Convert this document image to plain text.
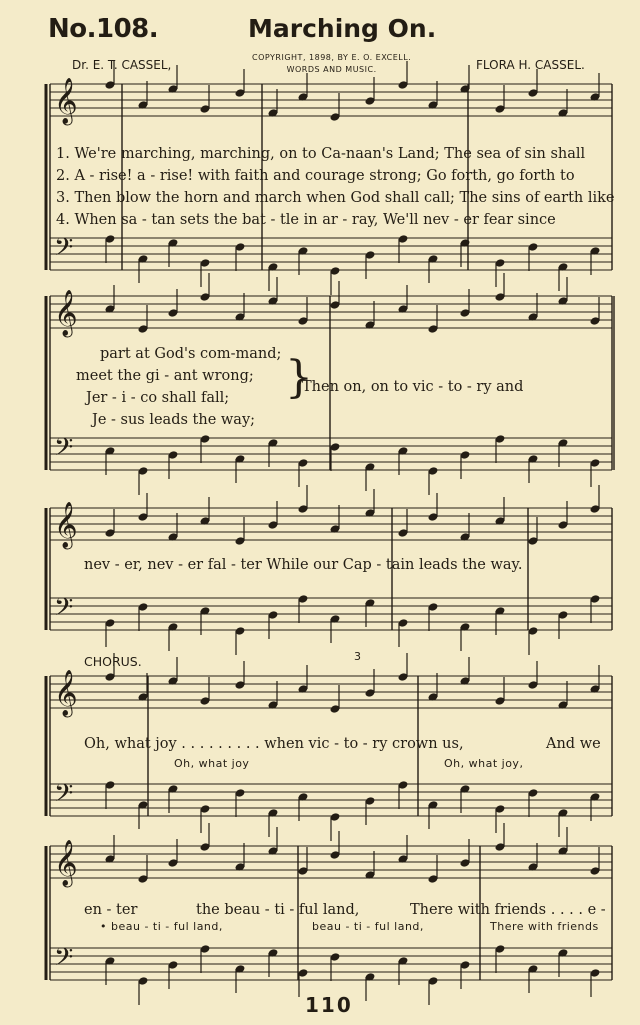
𝄞
𝄢
𝄞
𝄢
𝄞
𝄢
𝄞
𝄢
𝄞
𝄢
No.108.	Marching On.
COPYRIGHT, 1898, BY E. O. EXCELL.
WORDS AND MUSIC.
Dr. E. T. CASSEL,	FLORA H. CASSEL.
1. We're marching, marching, on to Ca-naan's Land; The sea of sin shall
2. A - rise! a - rise! with faith and courage strong; Go forth, go forth to
3. Then blow the horn and march when God shall call; The sins of earth like
4. When sa - tan sets the bat - tle in ar - ray, We'll nev - er fear since
part at God's com-mand;
meet the gi - ant wrong;
Jer - i - co shall fall;
Je - sus leads the way;
}
Then on, on to vic - to - ry and
nev - er, nev - er fal - ter While our Cap - tain leads the way.
CHORUS.	3
Oh, what joy . . . . . . . . . when vic - to - ry crown us,	And we
Oh, what joy	Oh, what joy,
en - ter	the beau - ti - ful land,	There with friends . . . . e -
• beau - ti - ful land,	beau - ti - ful land,	There with friends
110
